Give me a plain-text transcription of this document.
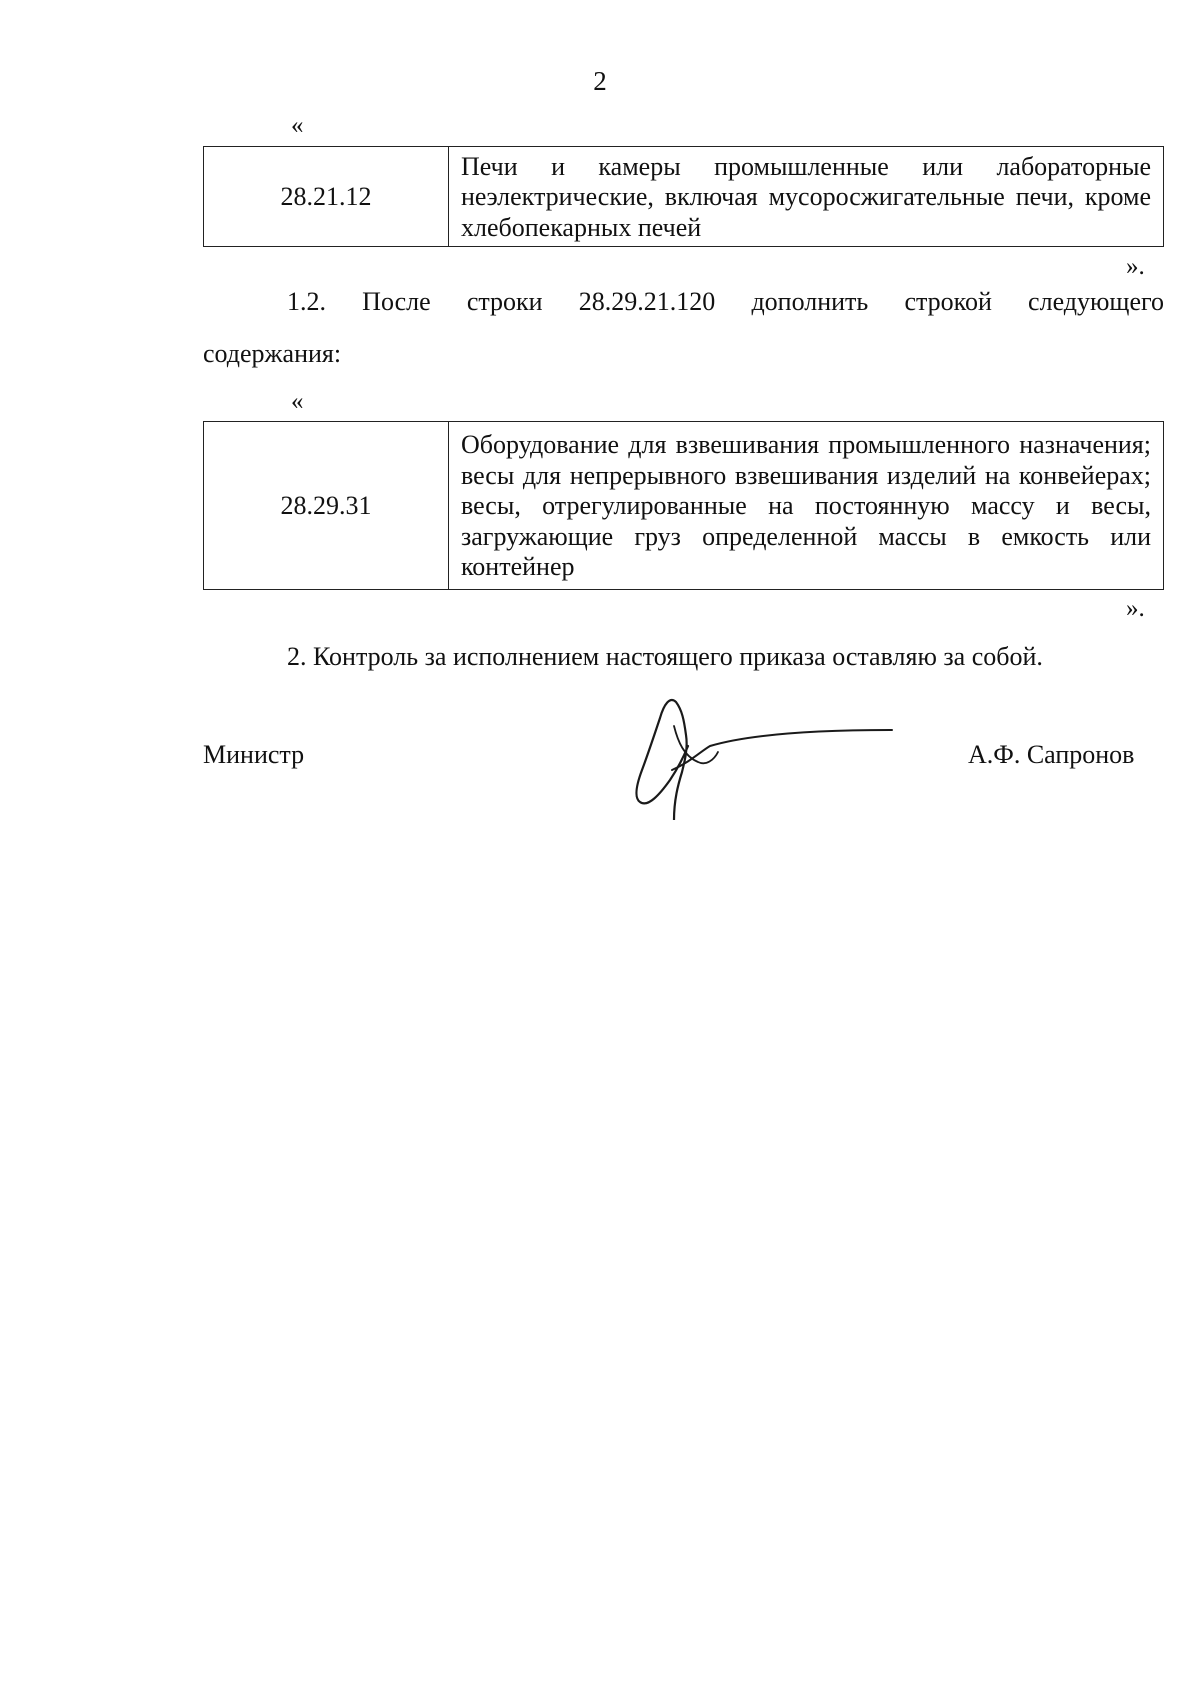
2
«
28.21.12	Печи и камеры промышленные или лабораторные неэлектрические, включая мусоросжигательные печи, кроме хлебопекарных печей
».
1.2. После строки 28.29.21.120 дополнить строкой следующего
содержания:
«
28.29.31	Оборудование для взвешивания промышленного назначения; весы для непрерывного взвешивания изделий на конвейерах; весы, отрегулированные на постоянную массу и весы, загружающие груз определенной массы в емкость или контейнер
».
2. Контроль за исполнением настоящего приказа оставляю за собой.
Министр	А.Ф. Сапронов
